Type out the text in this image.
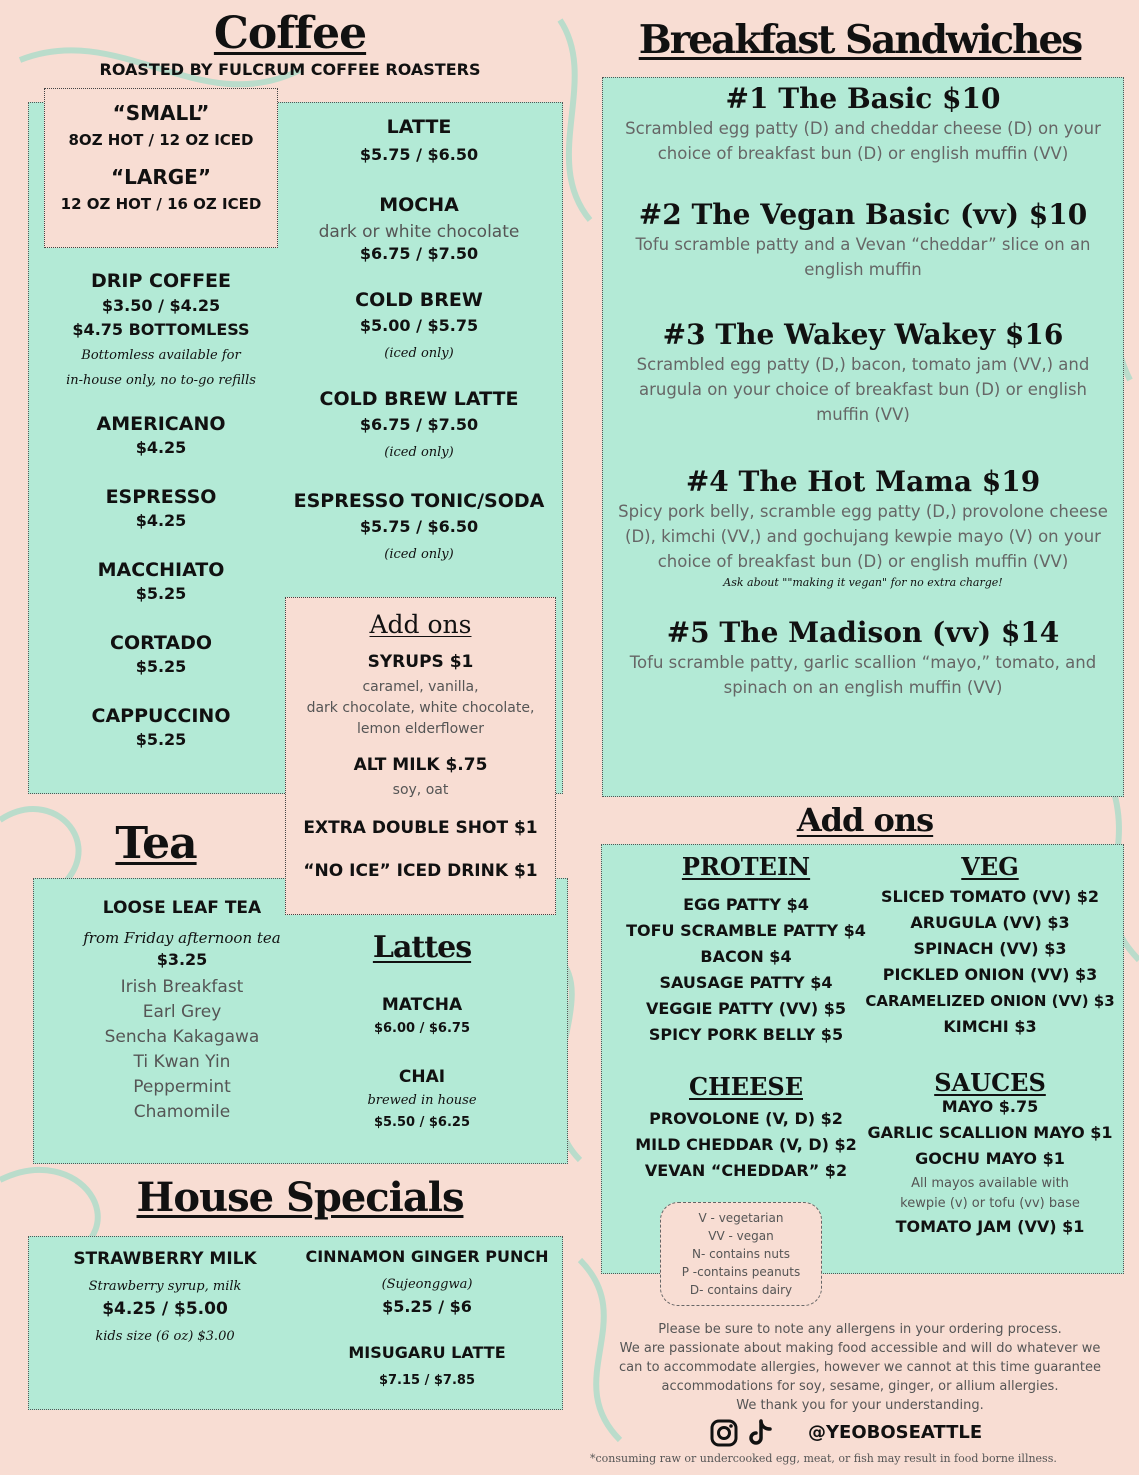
Coffee
ROASTED BY FULCRUM COFFEE ROASTERS
“SMALL”
8OZ HOT / 12 OZ ICED
“LARGE”
12 OZ HOT / 16 OZ ICED
DRIP COFFEE
$3.50 / $4.25
$4.75 BOTTOMLESS
Bottomless available for
in-house only, no to-go refills
AMERICANO
$4.25
ESPRESSO
$4.25
MACCHIATO
$5.25
CORTADO
$5.25
CAPPUCCINO
$5.25
LATTE
$5.75 / $6.50
MOCHA
dark or white chocolate
$6.75 / $7.50
COLD BREW
$5.00 / $5.75
(iced only)
COLD BREW LATTE
$6.75 / $7.50
(iced only)
ESPRESSO TONIC/SODA
$5.75 / $6.50
(iced only)
Tea
Add ons
SYRUPS $1
caramel, vanilla,
dark chocolate, white chocolate,
lemon elderflower
ALT MILK $.75
soy, oat
EXTRA DOUBLE SHOT $1
“NO ICE” ICED DRINK $1
LOOSE LEAF TEA
from Friday afternoon tea
$3.25
Irish Breakfast
Earl Grey
Sencha Kakagawa
Ti Kwan Yin
Peppermint
Chamomile
Lattes
MATCHA
$6.00 / $6.75
CHAI
brewed in house
$5.50 / $6.25
House Specials
STRAWBERRY MILK
Strawberry syrup, milk
$4.25 / $5.00
kids size (6 oz) $3.00
CINNAMON GINGER PUNCH
(Sujeonggwa)
$5.25 / $6
MISUGARU LATTE
$7.15 / $7.85
Breakfast Sandwiches
#1 The Basic $10
Scrambled egg patty (D) and cheddar cheese (D) on your choice of breakfast bun (D) or english muffin (VV)
#2 The Vegan Basic (vv) $10
Tofu scramble patty and a Vevan “cheddar” slice on an english muffin
#3 The Wakey Wakey $16
Scrambled egg patty (D,) bacon, tomato jam (VV,) and arugula on your choice of breakfast bun (D) or english muffin (VV)
#4 The Hot Mama $19
Spicy pork belly, scramble egg patty (D,) provolone cheese (D), kimchi (VV,) and gochujang kewpie mayo (V) on your choice of breakfast bun (D) or english muffin (VV)
Ask about ""making it vegan" for no extra charge!
#5 The Madison (vv) $14
Tofu scramble patty, garlic scallion “mayo,” tomato, and spinach on an english muffin (VV)
Add ons
PROTEIN
EGG PATTY $4
TOFU SCRAMBLE PATTY $4
BACON $4
SAUSAGE PATTY $4
VEGGIE PATTY (VV) $5
SPICY PORK BELLY $5
CHEESE
PROVOLONE (V, D) $2
MILD CHEDDAR (V, D) $2
VEVAN “CHEDDAR” $2
VEG
SLICED TOMATO (VV) $2
ARUGULA (VV) $3
SPINACH (VV) $3
PICKLED ONION (VV) $3
CARAMELIZED ONION (VV) $3
KIMCHI $3
SAUCES
MAYO $.75
GARLIC SCALLION MAYO $1
GOCHU MAYO $1
All mayos available with
kewpie (v) or tofu (vv) base
TOMATO JAM (VV) $1
V - vegetarian
VV - vegan
N- contains nuts
P -contains peanuts
D- contains dairy
Please be sure to note any allergens in your ordering process.
We are passionate about making food accessible and will do whatever we
can to accommodate allergies, however we cannot at this time guarantee
accommodations for soy, sesame, ginger, or allium allergies.
We thank you for your understanding.
@YEOBOSEATTLE
*consuming raw or undercooked egg, meat, or fish may result in food borne illness.
